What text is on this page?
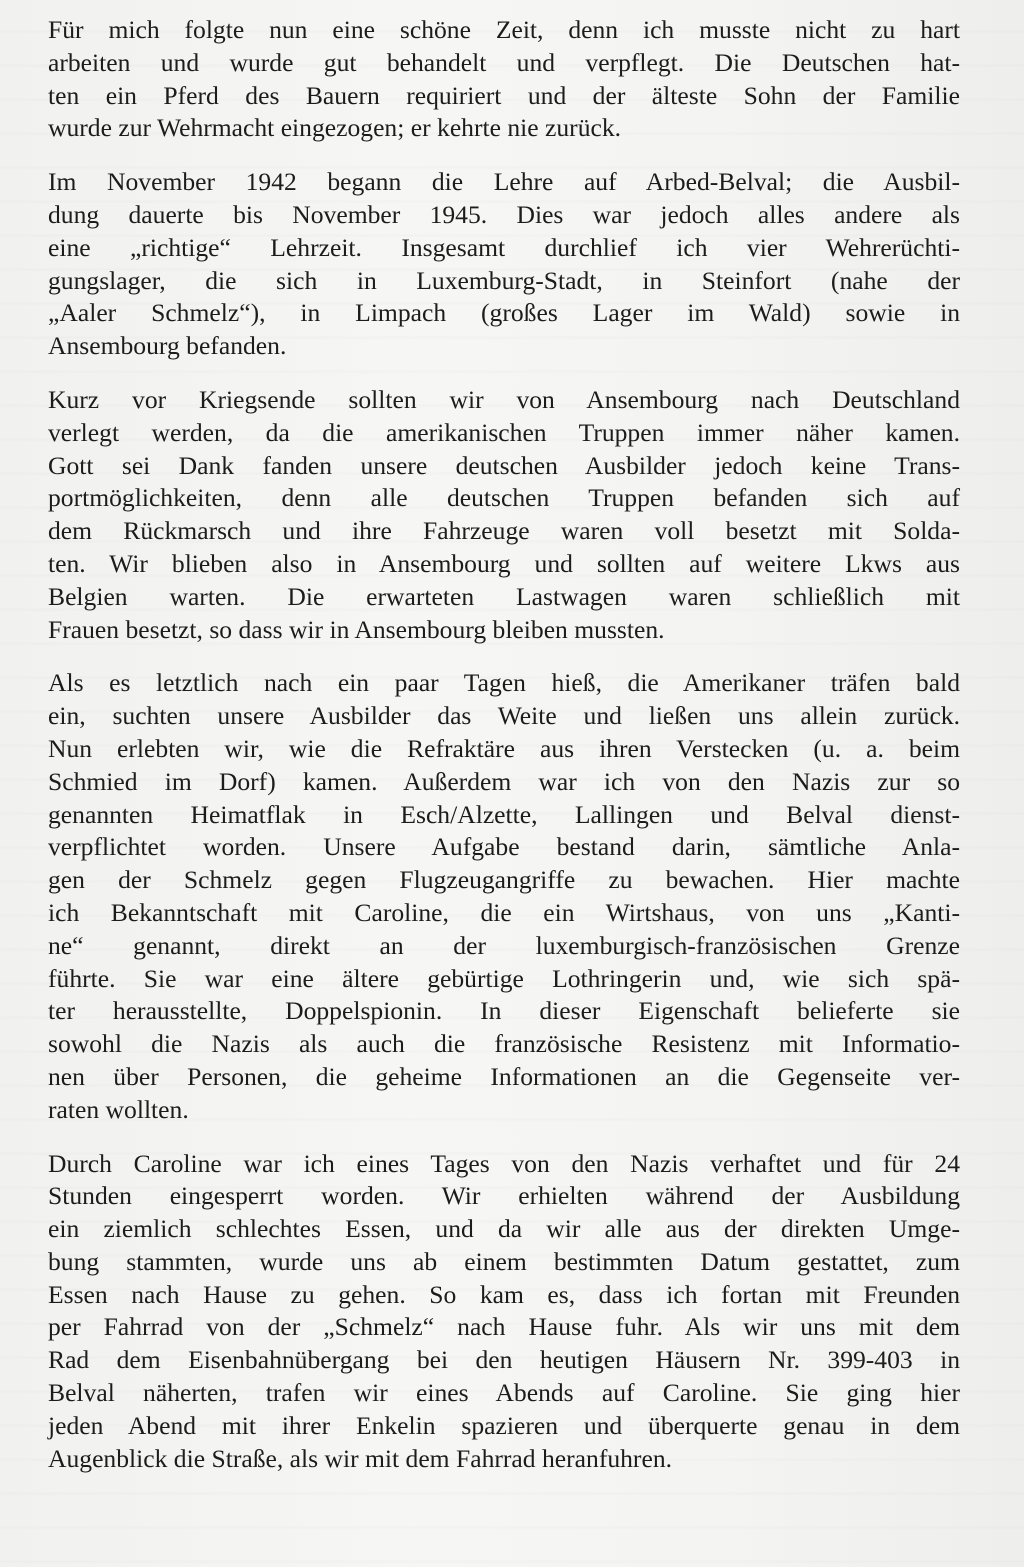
Für mich folgte nun eine schöne Zeit, denn ich musste nicht zu hart
arbeiten und wurde gut behandelt und verpflegt. Die Deutschen hat-
ten ein Pferd des Bauern requiriert und der älteste Sohn der Familie
wurde zur Wehrmacht eingezogen; er kehrte nie zurück.
Im November 1942 begann die Lehre auf Arbed-Belval; die Ausbil-
dung dauerte bis November 1945. Dies war jedoch alles andere als
eine „richtige“ Lehrzeit. Insgesamt durchlief ich vier Wehrerüchti-
gungslager, die sich in Luxemburg-Stadt, in Steinfort (nahe der
„Aaler Schmelz“), in Limpach (großes Lager im Wald) sowie in
Ansembourg befanden.
Kurz vor Kriegsende sollten wir von Ansembourg nach Deutschland
verlegt werden, da die amerikanischen Truppen immer näher kamen.
Gott sei Dank fanden unsere deutschen Ausbilder jedoch keine Trans-
portmöglichkeiten, denn alle deutschen Truppen befanden sich auf
dem Rückmarsch und ihre Fahrzeuge waren voll besetzt mit Solda-
ten. Wir blieben also in Ansembourg und sollten auf weitere Lkws aus
Belgien warten. Die erwarteten Lastwagen waren schließlich mit
Frauen besetzt, so dass wir in Ansembourg bleiben mussten.
Als es letztlich nach ein paar Tagen hieß, die Amerikaner träfen bald
ein, suchten unsere Ausbilder das Weite und ließen uns allein zurück.
Nun erlebten wir, wie die Refraktäre aus ihren Verstecken (u. a. beim
Schmied im Dorf) kamen. Außerdem war ich von den Nazis zur so
genannten Heimatflak in Esch/Alzette, Lallingen und Belval dienst-
verpflichtet worden. Unsere Aufgabe bestand darin, sämtliche Anla-
gen der Schmelz gegen Flugzeugangriffe zu bewachen. Hier machte
ich Bekanntschaft mit Caroline, die ein Wirtshaus, von uns „Kanti-
ne“ genannt, direkt an der luxemburgisch-französischen Grenze
führte. Sie war eine ältere gebürtige Lothringerin und, wie sich spä-
ter herausstellte, Doppelspionin. In dieser Eigenschaft belieferte sie
sowohl die Nazis als auch die französische Resistenz mit Informatio-
nen über Personen, die geheime Informationen an die Gegenseite ver-
raten wollten.
Durch Caroline war ich eines Tages von den Nazis verhaftet und für 24
Stunden eingesperrt worden. Wir erhielten während der Ausbildung
ein ziemlich schlechtes Essen, und da wir alle aus der direkten Umge-
bung stammten, wurde uns ab einem bestimmten Datum gestattet, zum
Essen nach Hause zu gehen. So kam es, dass ich fortan mit Freunden
per Fahrrad von der „Schmelz“ nach Hause fuhr. Als wir uns mit dem
Rad dem Eisenbahnübergang bei den heutigen Häusern Nr. 399-403 in
Belval näherten, trafen wir eines Abends auf Caroline. Sie ging hier
jeden Abend mit ihrer Enkelin spazieren und überquerte genau in dem
Augenblick die Straße, als wir mit dem Fahrrad heranfuhren.
